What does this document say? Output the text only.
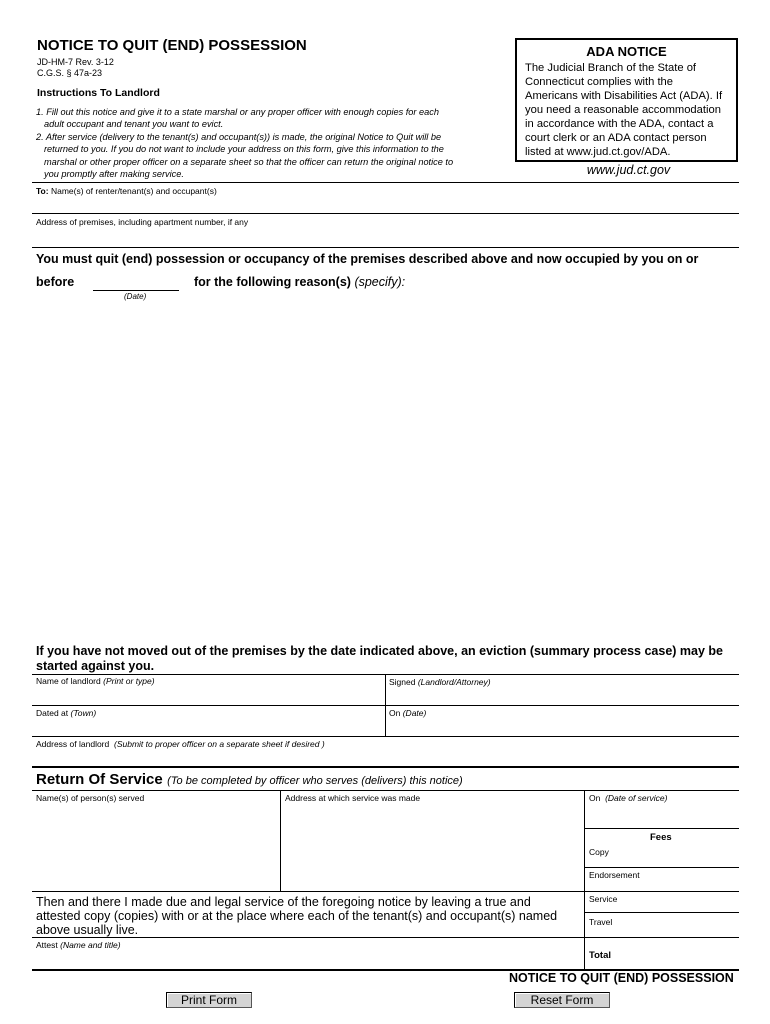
NOTICE TO QUIT (END) POSSESSION
JD-HM-7 Rev. 3-12
C.G.S. § 47a-23
Instructions To Landlord
1. Fill out this notice and give it to a state marshal or any proper officer with enough copies for each adult occupant and tenant you want to evict.
2. After service (delivery to the tenant(s) and occupant(s)) is made, the original Notice to Quit will be returned to you. If you do not want to include your address on this form, give this information to the marshal or other proper officer on a separate sheet so that the officer can return the original notice to you promptly after making service.
ADA NOTICE
The Judicial Branch of the State of Connecticut complies with the Americans with Disabilities Act (ADA). If you need a reasonable accommodation in accordance with the ADA, contact a court clerk or an ADA contact person listed at www.jud.ct.gov/ADA.
www.jud.ct.gov
To: Name(s) of renter/tenant(s) and occupant(s)
Address of premises, including apartment number, if any
You must quit (end) possession or occupancy of the premises described above and now occupied by you on or
before
(Date)
for the following reason(s) (specify):
If you have not moved out of the premises by the date indicated above, an eviction (summary process case) may be started against you.
Name of landlord (Print or type)	Signed (Landlord/Attorney)
Dated at (Town)	On (Date)
Address of landlord (Submit to proper officer on a separate sheet if desired )
Return Of Service (To be completed by officer who serves (delivers) this notice)
Name(s) of person(s) served	Address at which service was made	On (Date of service)
Fees
Copy
Endorsement
Service
Travel
Then and there I made due and legal service of the foregoing notice by leaving a true and attested copy (copies) with or at the place where each of the tenant(s) and occupant(s) named above usually live.
Attest (Name and title)
Total
NOTICE TO QUIT (END) POSSESSION
Print Form	Reset Form
